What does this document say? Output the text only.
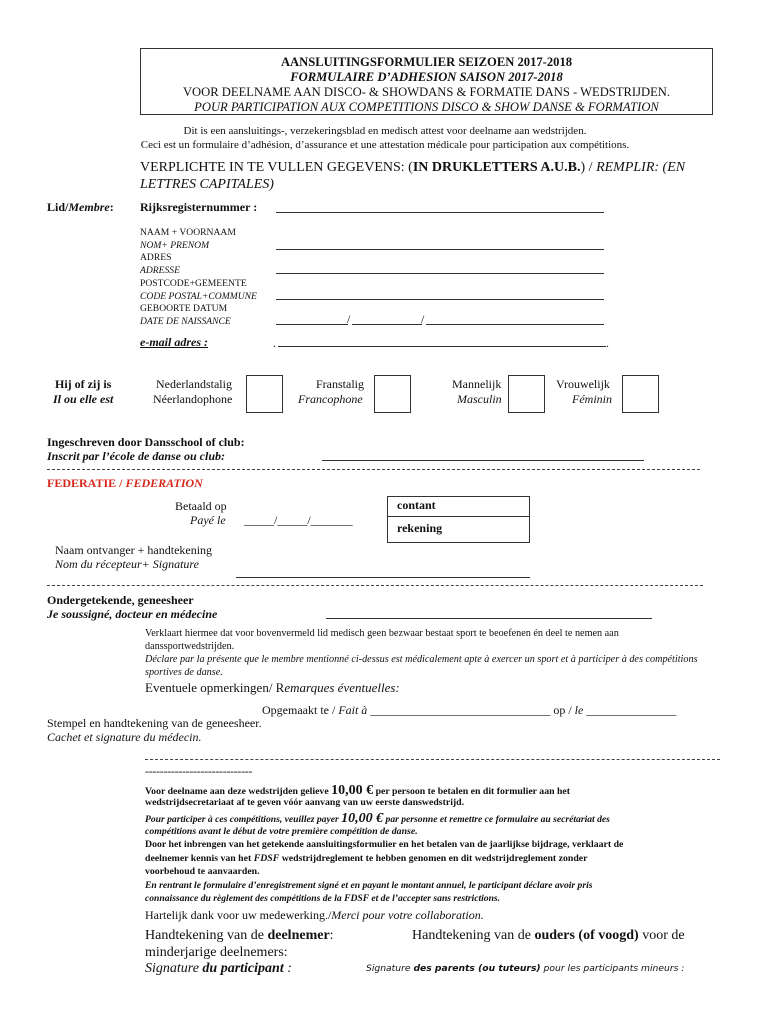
AANSLUITINGSFORMULIER SEIZOEN 2017-2018
FORMULAIRE D’ADHESION SAISON 2017-2018
VOOR DEELNAME AAN DISCO- & SHOWDANS & FORMATIE DANS - WEDSTRIJDEN.
POUR PARTICIPATION AUX COMPETITIONS DISCO & SHOW DANSE & FORMATION
Dit is een aansluitings-, verzekeringsblad en medisch attest voor deelname aan wedstrijden.
Ceci est un formulaire d’adhésion, d’assurance et une attestation médicale pour participation aux compétitions.
VERPLICHTE IN TE VULLEN GEGEVENS: (IN DRUKLETTERS A.U.B.) / REMPLIR: (EN
LETTRES CAPITALES)
Lid/Membre: Rijksregisternummer :
NAAM + VOORNAAM
NOM+ PRENOM
ADRES
ADRESSE
POSTCODE+GEMEENTE
CODE POSTAL+COMMUNE
GEBOORTE DATUM
DATE DE NAISSANCE	/	/
e-mail adres :	.	.
Hij of zij is
Il ou elle est
Nederlandstalig
Néerlandophone
Franstalig
Francophone
Mannelijk
Masculin
Vrouwelijk
Féminin
Ingeschreven door Dansschool of club:
Inscrit par l’école de danse ou club:
FEDERATIE / FEDERATION
Betaald op
Payé le _____/_____/_______
contant
rekening
Naam ontvanger + handtekening
Nom du récepteur+ Signature
Ondergetekende, geneesheer
Je soussigné, docteur en médecine
Verklaart hiermee dat voor bovenvermeld lid medisch geen bezwaar bestaat sport te beoefenen én deel te nemen aan danssportwedstrijden.
Déclare par la présente que le membre mentionné ci-dessus est médicalement apte à exercer un sport et à participer à des compétitions sportives de danse.
Eventuele opmerkingen/ Remarques éventuelles:
Opgemaakt te / Fait à ______________________________ op / le _______________
Stempel en handtekening van de geneesheer.
Cachet et signature du médecin.
-----------------------------
Voor deelname aan deze wedstrijden gelieve 10,00 € per persoon te betalen en dit formulier aan het
wedstrijdsecretariaat af te geven vóór aanvang van uw eerste danswedstrijd.
Pour participer à ces compétitions, veuillez payer 10,00 € par personne et remettre ce formulaire au secrétariat des
compétitions avant le début de votre première compétition de danse.
Door het inbrengen van het getekende aansluitingsformulier en het betalen van de jaarlijkse bijdrage, verklaart de
deelnemer kennis van het FDSF wedstrijdreglement te hebben genomen en dit wedstrijdreglement zonder
voorbehoud te aanvaarden.
En rentrant le formulaire d’enregistrement signé et en payant le montant annuel, le participant déclare avoir pris
connaissance du règlement des compétitions de la FDSF et de l’accepter sans restrictions.
Hartelijk dank voor uw medewerking./Merci pour votre collaboration.
Handtekening van de deelnemer:
minderjarige deelnemers:
Signature du participant :
Handtekening van de ouders (of voogd) voor de
Signature des parents (ou tuteurs) pour les participants mineurs :
